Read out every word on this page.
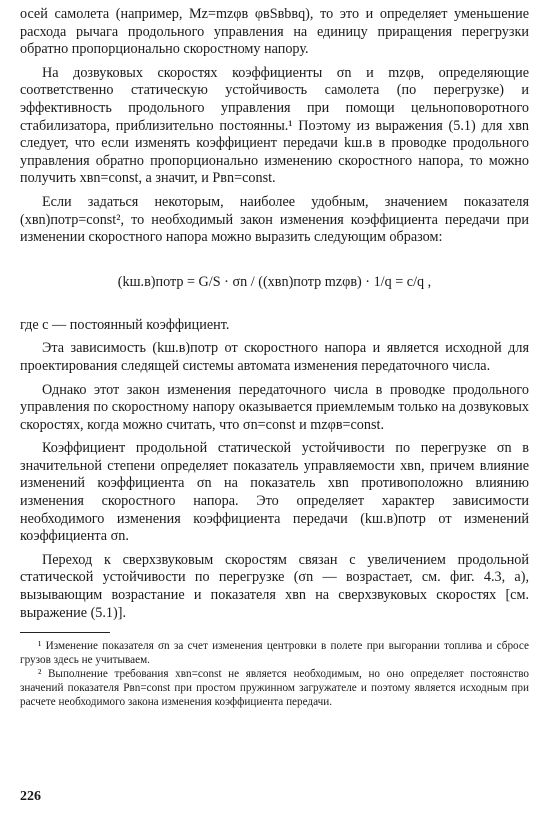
осей самолета (например, Mz=mzφв φвSвbвq), то это и определяет уменьшение расхода рычага продольного управления на единицу приращения перегрузки обратно пропорционально скоростному напору.

На дозвуковых скоростях коэффициенты σn и mzφв, определяющие соответственно статическую устойчивость самолета (по перегрузке) и эффективность продольного управления при помощи цельноповоротного стабилизатора, приблизительно постоянны.¹ Поэтому из выражения (5.1) для xвn следует, что если изменять коэффициент передачи kш.в в проводке продольного управления обратно пропорционально изменению скоростного напора, то можно получить xвn=const, а значит, и Pвn=const.

Если задаться некоторым, наиболее удобным, значением показателя (xвn)потр=const², то необходимый закон изменения коэффициента передачи при изменении скоростного напора можно выразить следующим образом:

(kш.в)потр = G/S · σn / ((xвn)потр mzφв) · 1/q = c/q ,

где c — постоянный коэффициент.

Эта зависимость (kш.в)потр от скоростного напора и является исходной для проектирования следящей системы автомата изменения передаточного числа.

Однако этот закон изменения передаточного числа в проводке продольного управления по скоростному напору оказывается приемлемым только на дозвуковых скоростях, когда можно считать, что σn=const и mzφв=const.

Коэффициент продольной статической устойчивости по перегрузке σn в значительной степени определяет показатель управляемости xвn, причем влияние изменений коэффициента σn на показатель xвn противоположно влиянию изменения скоростного напора. Это определяет характер зависимости необходимого изменения коэффициента передачи (kш.в)потр от изменений коэффициента σn.

Переход к сверхзвуковым скоростям связан с увеличением продольной статической устойчивости по перегрузке (σn — возрастает, см. фиг. 4.3, а), вызывающим возрастание и показателя xвn на сверхзвуковых скоростях [см. выражение (5.1)].

¹ Изменение показателя σn за счет изменения центровки в полете при выгорании топлива и сбросе грузов здесь не учитываем.

² Выполнение требования xвn=const не является необходимым, но оно определяет постоянство значений показателя Pвn=const при простом пружинном загружателе и поэтому является исходным при расчете необходимого закона изменения коэффициента передачи.

226
